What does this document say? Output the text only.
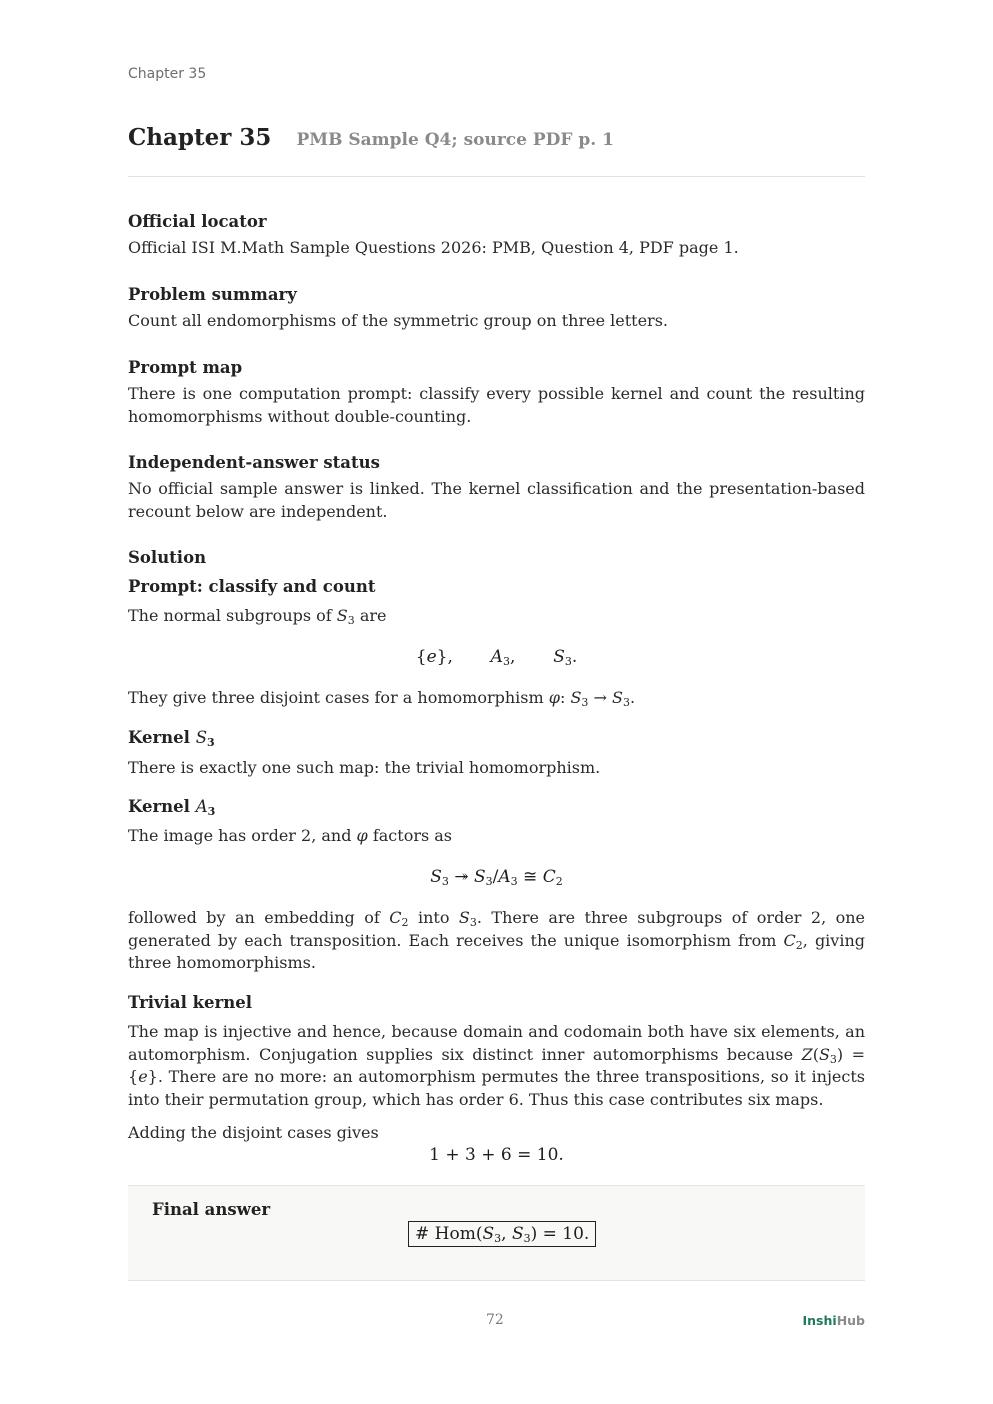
Chapter 35
Chapter 35 PMB Sample Q4; source PDF p. 1
Official locator
Official ISI M.Math Sample Questions 2026: PMB, Question 4, PDF page 1.
Problem summary
Count all endomorphisms of the symmetric group on three letters.
Prompt map
There is one computation prompt: classify every possible kernel and count the resulting homomorphisms without double-counting.
Independent-answer status
No official sample answer is linked. The kernel classification and the presentation-based recount below are independent.
Solution
Prompt: classify and count
The normal subgroups of $S_3$ are
{e},       $A_3$,       $S_3$.
They give three disjoint cases for a homomorphism φ: $S_3 \to S_3$.
Kernel $S_3$
There is exactly one such map: the trivial homomorphism.
Kernel $A_3$
The image has order 2, and φ factors as
$S_3$ ↠ $S_3/A_3$ ≅ $C_2$
followed by an embedding of $C_2$ into $S_3$. There are three subgroups of order 2, one generated by each transposition. Each receives the unique isomorphism from $C_2$, giving three homomorphisms.
Trivial kernel
The map is injective and hence, because domain and codomain both have six elements, an automorphism. Conjugation supplies six distinct inner automorphisms because $Z(S_3) = \{e\}$. There are no more: an automorphism permutes the three transpositions, so it injects into their permutation group, which has order 6. Thus this case contributes six maps.
Adding the disjoint cases gives
1 + 3 + 6 = 10.
Final answer
# $Hom(S_3$, $S_3) = 10$.
72	InshiHub
